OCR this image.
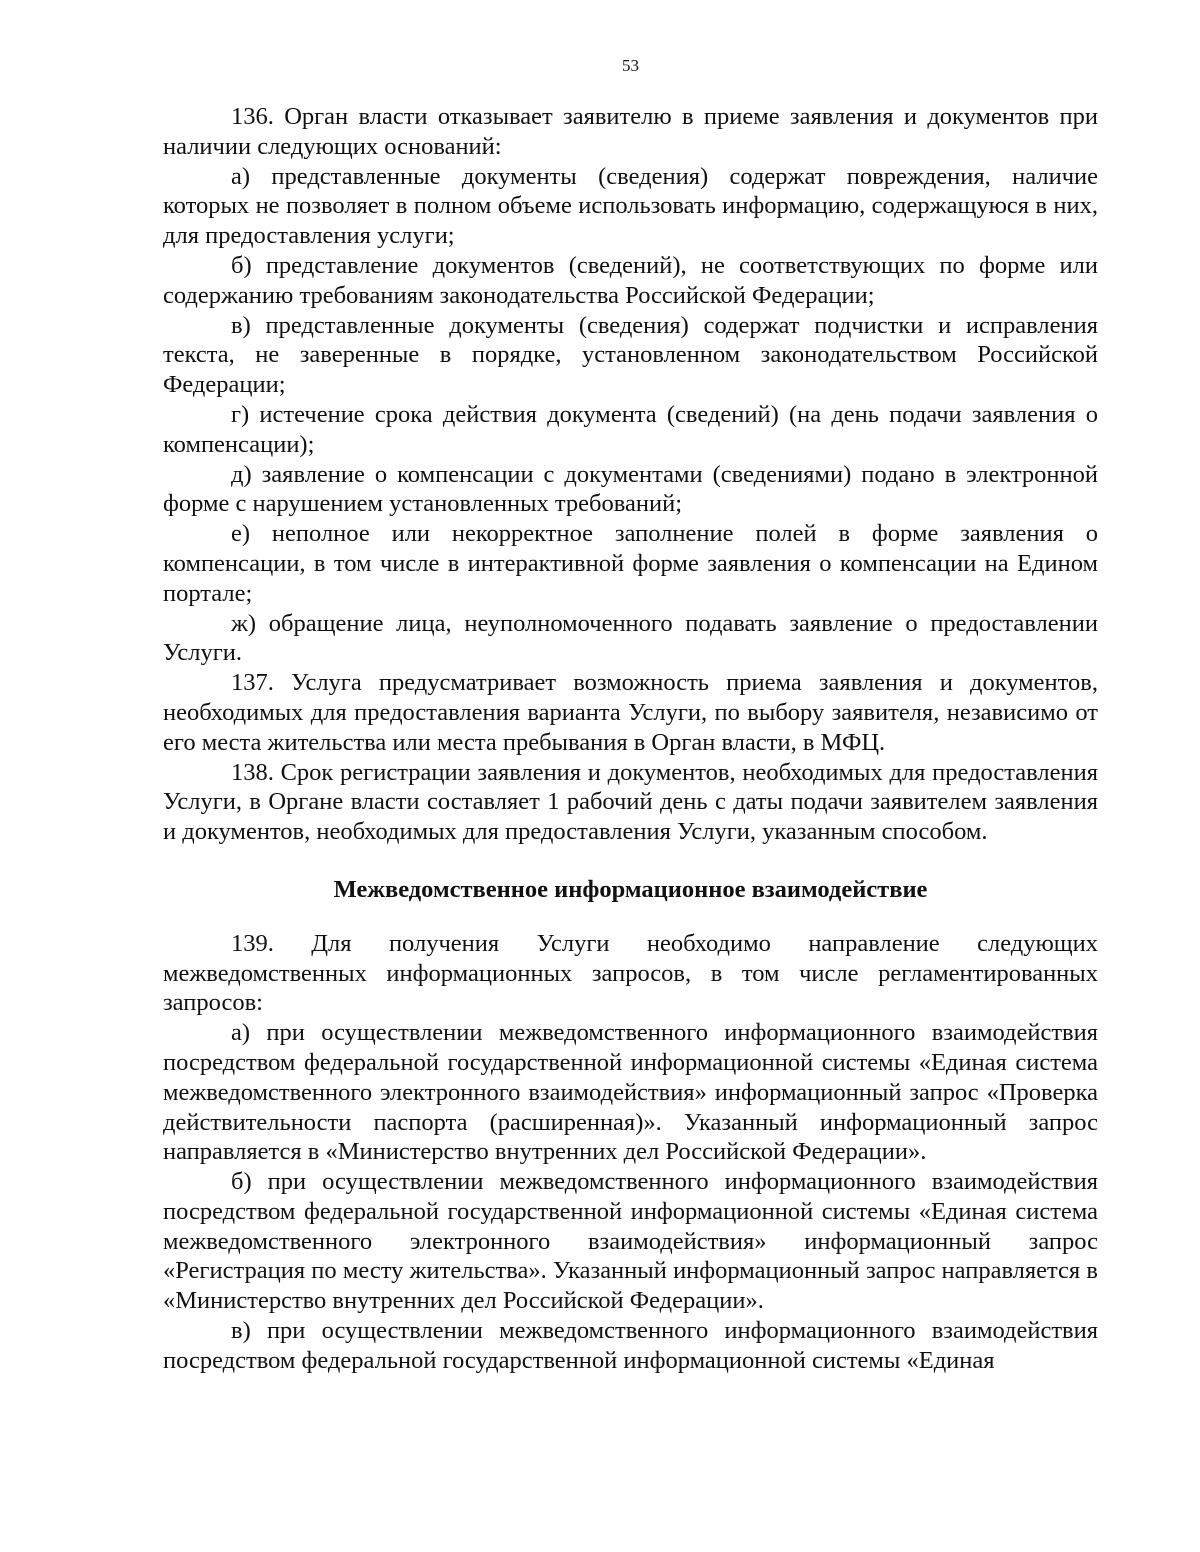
53

136. Орган власти отказывает заявителю в приеме заявления и документов при наличии следующих оснований:

а) представленные документы (сведения) содержат повреждения, наличие которых не позволяет в полном объеме использовать информацию, содержащуюся в них, для предоставления услуги;

б) представление документов (сведений), не соответствующих по форме или содержанию требованиям законодательства Российской Федерации;

в) представленные документы (сведения) содержат подчистки и исправления текста, не заверенные в порядке, установленном законодательством Российской Федерации;

г) истечение срока действия документа (сведений) (на день подачи заявления о компенсации);

д) заявление о компенсации с документами (сведениями) подано в электронной форме с нарушением установленных требований;

е) неполное или некорректное заполнение полей в форме заявления о компенсации, в том числе в интерактивной форме заявления о компенсации на Едином портале;

ж) обращение лица, неуполномоченного подавать заявление о предоставлении Услуги.

137. Услуга предусматривает возможность приема заявления и документов, необходимых для предоставления варианта Услуги, по выбору заявителя, независимо от его места жительства или места пребывания в Орган власти, в МФЦ.

138. Срок регистрации заявления и документов, необходимых для предоставления Услуги, в Органе власти составляет 1 рабочий день с даты подачи заявителем заявления и документов, необходимых для предоставления Услуги, указанным способом.

Межведомственное информационное взаимодействие

139. Для получения Услуги необходимо направление следующих межведомственных информационных запросов, в том числе регламентированных запросов:

а) при осуществлении межведомственного информационного взаимодействия посредством федеральной государственной информационной системы «Единая система межведомственного электронного взаимодействия» информационный запрос «Проверка действительности паспорта (расширенная)». Указанный информационный запрос направляется в «Министерство внутренних дел Российской Федерации».

б) при осуществлении межведомственного информационного взаимодействия посредством федеральной государственной информационной системы «Единая система межведомственного электронного взаимодействия» информационный запрос «Регистрация по месту жительства». Указанный информационный запрос направляется в «Министерство внутренних дел Российской Федерации».

в) при осуществлении межведомственного информационного взаимодействия посредством федеральной государственной информационной системы «Единая
